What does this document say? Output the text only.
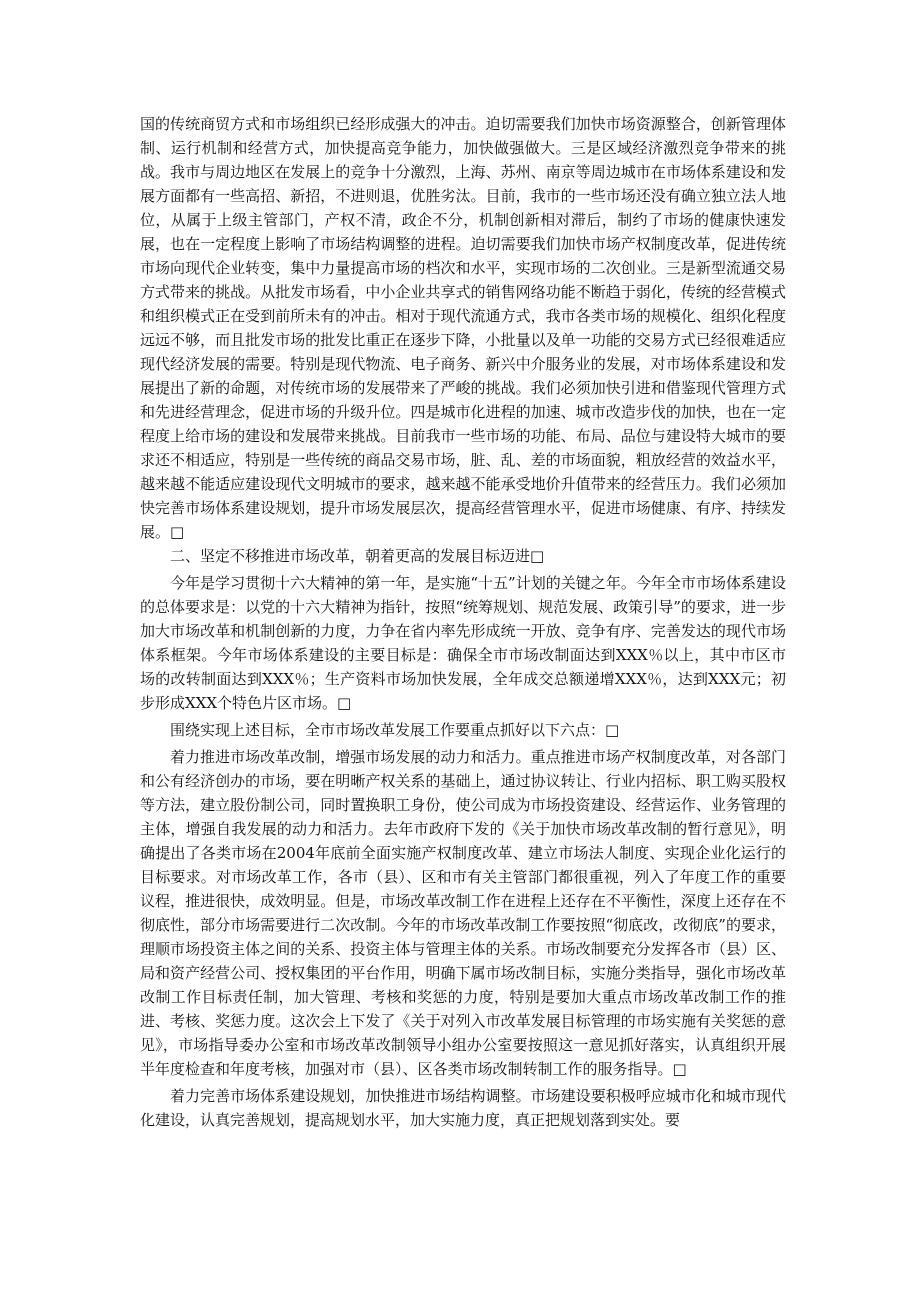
国的传统商贸方式和市场组织已经形成强大的冲击。迫切需要我们加快市场资源整合，创新管理体制、运行机制和经营方式，加快提高竞争能力，加快做强做大。三是区域经济激烈竞争带来的挑战。我市与周边地区在发展上的竞争十分激烈，上海、苏州、南京等周边城市在市场体系建设和发展方面都有一些高招、新招，不进则退，优胜劣汰。目前，我市的一些市场还没有确立独立法人地位，从属于上级主管部门，产权不清，政企不分，机制创新相对滞后，制约了市场的健康快速发展，也在一定程度上影响了市场结构调整的进程。迫切需要我们加快市场产权制度改革，促进传统市场向现代企业转变，集中力量提高市场的档次和水平，实现市场的二次创业。三是新型流通交易方式带来的挑战。从批发市场看，中小企业共享式的销售网络功能不断趋于弱化，传统的经营模式和组织模式正在受到前所未有的冲击。相对于现代流通方式，我市各类市场的规模化、组织化程度远远不够，而且批发市场的批发比重正在逐步下降，小批量以及单一功能的交易方式已经很难适应现代经济发展的需要。特别是现代物流、电子商务、新兴中介服务业的发展，对市场体系建设和发展提出了新的命题，对传统市场的发展带来了严峻的挑战。我们必须加快引进和借鉴现代管理方式和先进经营理念，促进市场的升级升位。四是城市化进程的加速、城市改造步伐的加快，也在一定程度上给市场的建设和发展带来挑战。目前我市一些市场的功能、布局、品位与建设特大城市的要求还不相适应，特别是一些传统的商品交易市场，脏、乱、差的市场面貌，粗放经营的效益水平，越来越不能适应建设现代文明城市的要求，越来越不能承受地价升值带来的经营压力。我们必须加快完善市场体系建设规划，提升市场发展层次，提高经营管理水平，促进市场健康、有序、持续发展。□

二、坚定不移推进市场改革，朝着更高的发展目标迈进□

今年是学习贯彻十六大精神的第一年，是实施“十五”计划的关键之年。今年全市市场体系建设的总体要求是：以党的十六大精神为指针，按照“统筹规划、规范发展、政策引导”的要求，进一步加大市场改革和机制创新的力度，力争在省内率先形成统一开放、竞争有序、完善发达的现代市场体系框架。今年市场体系建设的主要目标是：确保全市市场改制面达到XXX％以上，其中市区市场的改转制面达到XXX％；生产资料市场加快发展，全年成交总额递增XXX％，达到XXX元；初步形成XXX个特色片区市场。□

围绕实现上述目标，全市市场改革发展工作要重点抓好以下六点：□

着力推进市场改革改制，增强市场发展的动力和活力。重点推进市场产权制度改革，对各部门和公有经济创办的市场，要在明晰产权关系的基础上，通过协议转让、行业内招标、职工购买股权等方法，建立股份制公司，同时置换职工身份，使公司成为市场投资建设、经营运作、业务管理的主体，增强自我发展的动力和活力。去年市政府下发的《关于加快市场改革改制的暂行意见》，明确提出了各类市场在2004年底前全面实施产权制度改革、建立市场法人制度、实现企业化运行的目标要求。对市场改革工作，各市（县）、区和市有关主管部门都很重视，列入了年度工作的重要议程，推进很快，成效明显。但是，市场改革改制工作在进程上还存在不平衡性，深度上还存在不彻底性，部分市场需要进行二次改制。今年的市场改革改制工作要按照“彻底改，改彻底”的要求，理顺市场投资主体之间的关系、投资主体与管理主体的关系。市场改制要充分发挥各市（县）区、局和资产经营公司、授权集团的平台作用，明确下属市场改制目标，实施分类指导，强化市场改革改制工作目标责任制，加大管理、考核和奖惩的力度，特别是要加大重点市场改革改制工作的推进、考核、奖惩力度。这次会上下发了《关于对列入市改革发展目标管理的市场实施有关奖惩的意见》，市场指导委办公室和市场改革改制领导小组办公室要按照这一意见抓好落实，认真组织开展半年度检查和年度考核，加强对市（县）、区各类市场改制转制工作的服务指导。□

着力完善市场体系建设规划，加快推进市场结构调整。市场建设要积极呼应城市化和城市现代化建设，认真完善规划，提高规划水平，加大实施力度，真正把规划落到实处。要
